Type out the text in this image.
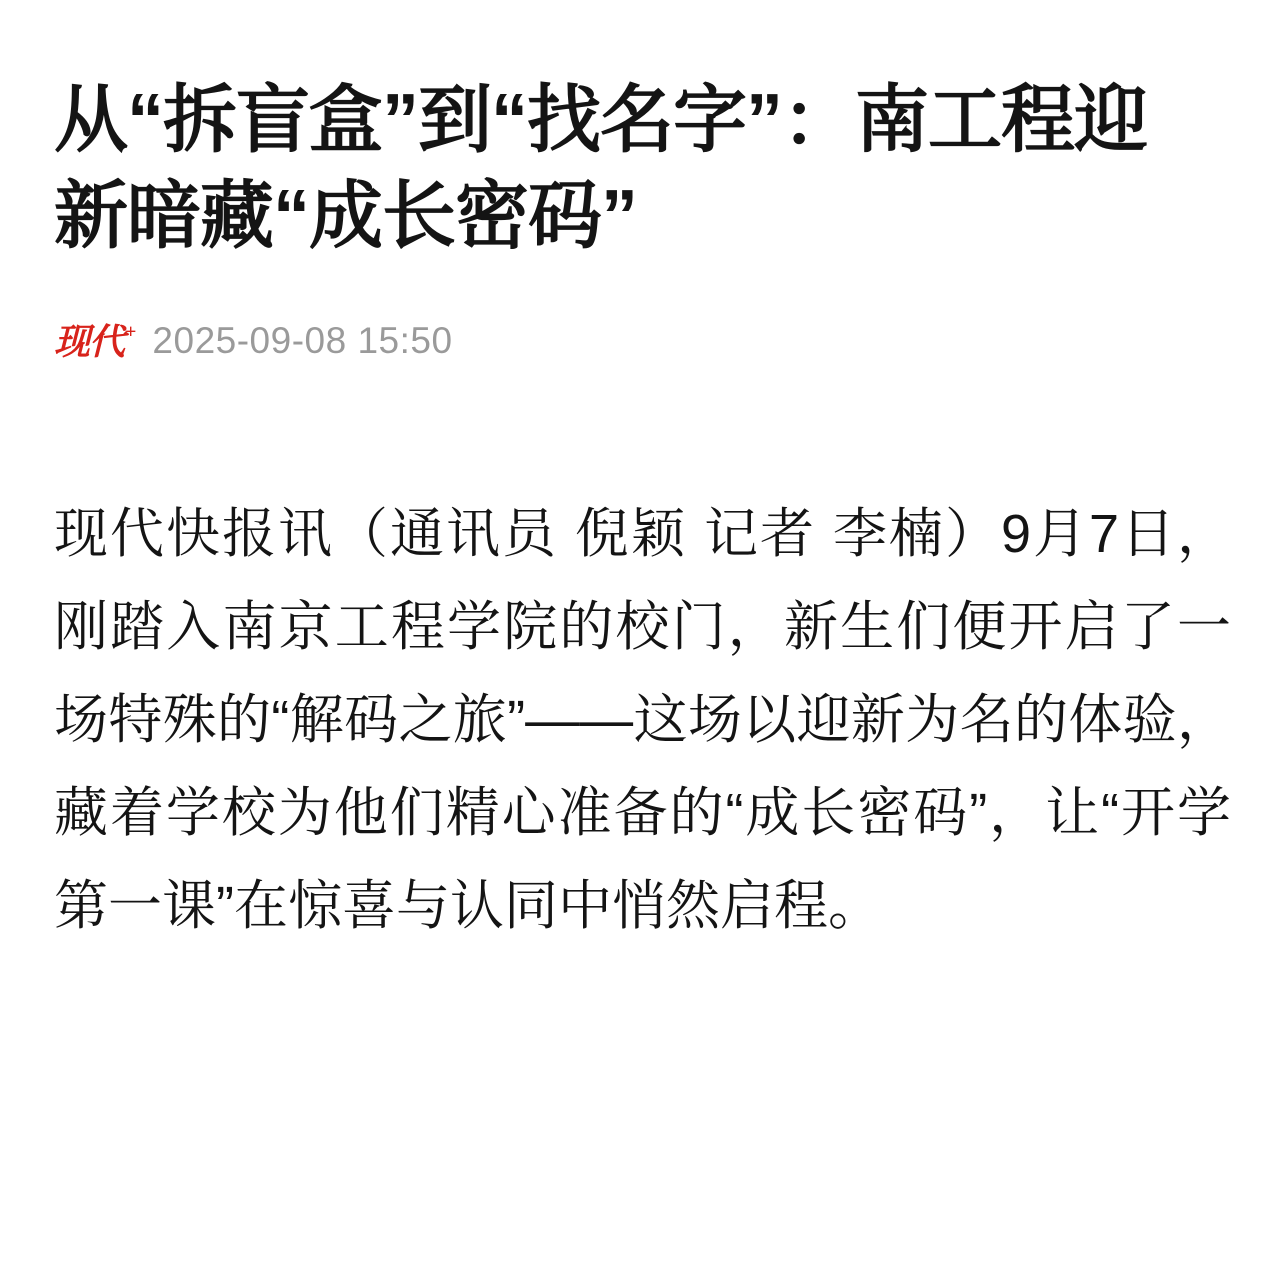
从“拆盲盒”到“找名字”：南工程迎新暗藏“成长密码”
现代 + 2025-09-08 15:50

现代快报讯（通讯员 倪颖 记者 李楠）9月7日，刚踏入南京工程学院的校门，新生们便开启了一场特殊的“解码之旅”——这场以迎新为名的体验，藏着学校为他们精心准备的“成长密码”，让“开学第一课”在惊喜与认同中悄然启程。
